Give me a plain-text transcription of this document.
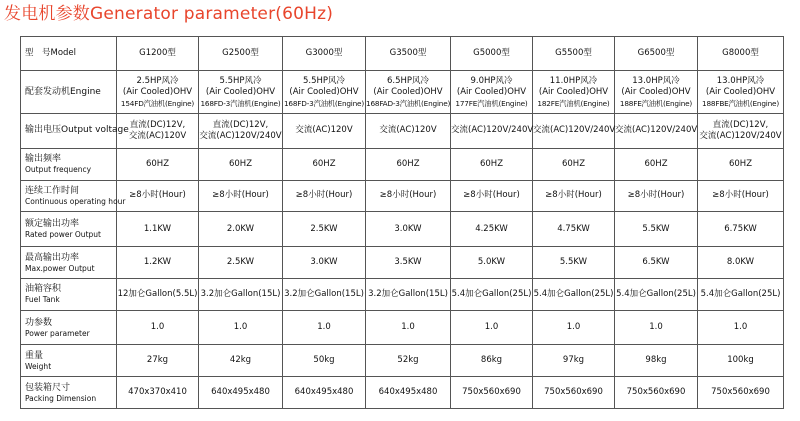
发电机参数Generator parameter(60Hz)
型　号Model	G1200型	G2500型	G3000型	G3500型	G5000型	G5500型	G6500型	G8000型

配套发动机Engine	2.5HP风冷
(Air Cooled)OHV
154FD汽油机(Engine)	5.5HP风冷
(Air Cooled)OHV
168FD-3汽油机(Engine)	5.5HP风冷
(Air Cooled)OHV
168FD-3汽油机(Engine)	6.5HP风冷
(Air Cooled)OHV
168FAD-3汽油机(Engine)	9.0HP风冷
(Air Cooled)OHV
177FE汽油机(Engine)	11.0HP风冷
(Air Cooled)OHV
182FE汽油机(Engine)	13.0HP风冷
(Air Cooled)OHV
188FE汽油机(Engine)	13.0HP风冷
(Air Cooled)OHV
188FBE汽油机(Engine)

输出电压Output voltage	直流(DC)12V,
交流(AC)120V	直流(DC)12V,
交流(AC)120V/240V	交流(AC)120V	交流(AC)120V	交流(AC)120V/240V	交流(AC)120V/240V	交流(AC)120V/240V	直流(DC)12V,
交流(AC)120V/240V

输出频率
Output frequency	60HZ	60HZ	60HZ	60HZ	60HZ	60HZ	60HZ	60HZ

连续工作时间
Continuous operating hour	≥8小时(Hour)	≥8小时(Hour)	≥8小时(Hour)	≥8小时(Hour)	≥8小时(Hour)	≥8小时(Hour)	≥8小时(Hour)	≥8小时(Hour)

额定输出功率
Rated power Output	1.1KW	2.0KW	2.5KW	3.0KW	4.25KW	4.75KW	5.5KW	6.75KW

最高输出功率
Max.power Output	1.2KW	2.5KW	3.0KW	3.5KW	5.0KW	5.5KW	6.5KW	8.0KW

油箱容积
Fuel Tank	12加仑Gallon(5.5L)	3.2加仑Gallon(15L)	3.2加仑Gallon(15L)	3.2加仑Gallon(15L)	5.4加仑Gallon(25L)	5.4加仑Gallon(25L)	5.4加仑Gallon(25L)	5.4加仑Gallon(25L)

功参数
Power parameter	1.0	1.0	1.0	1.0	1.0	1.0	1.0	1.0

重量
Weight	27kg	42kg	50kg	52kg	86kg	97kg	98kg	100kg

包装箱尺寸
Packing Dimension	470x370x410	640x495x480	640x495x480	640x495x480	750x560x690	750x560x690	750x560x690	750x560x690
